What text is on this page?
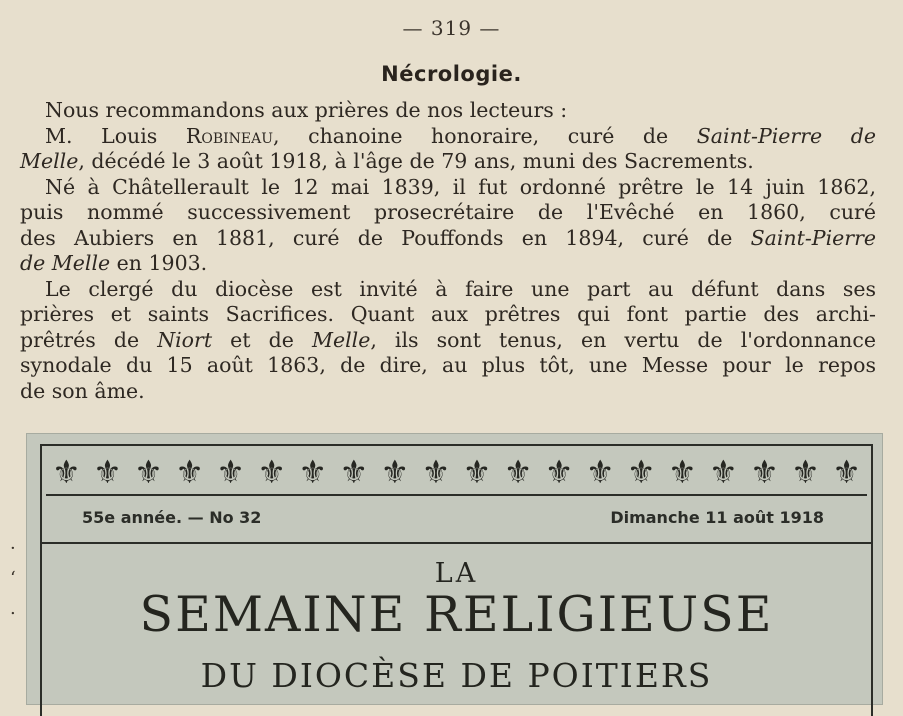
— 319 —
Nécrologie.
Nous recommandons aux prières de nos lecteurs :
M. Louis Robineau, chanoine honoraire, curé de Saint-Pierre de
Melle, décédé le 3 août 1918, à l'âge de 79 ans, muni des Sacrements.
Né à Châtellerault le 12 mai 1839, il fut ordonné prêtre le 14 juin 1862,
puis nommé successivement prosecrétaire de l'Evêché en 1860, curé
des Aubiers en 1881, curé de Pouffonds en 1894, curé de Saint-Pierre
de Melle en 1903.
Le clergé du diocèse est invité à faire une part au défunt dans ses
prières et saints Sacrifices. Quant aux prêtres qui font partie des archi-
prêtrés de Niort et de Melle, ils sont tenus, en vertu de l'ordonnance
synodale du 15 août 1863, de dire, au plus tôt, une Messe pour le repos
de son âme.
·
‘
.
⚜ ⚜ ⚜ ⚜ ⚜ ⚜ ⚜ ⚜ ⚜ ⚜ ⚜ ⚜ ⚜ ⚜ ⚜ ⚜ ⚜ ⚜ ⚜ ⚜
55e année. — No 32	Dimanche 11 août 1918
LA
SEMAINE RELIGIEUSE
DU DIOCÈSE DE POITIERS
